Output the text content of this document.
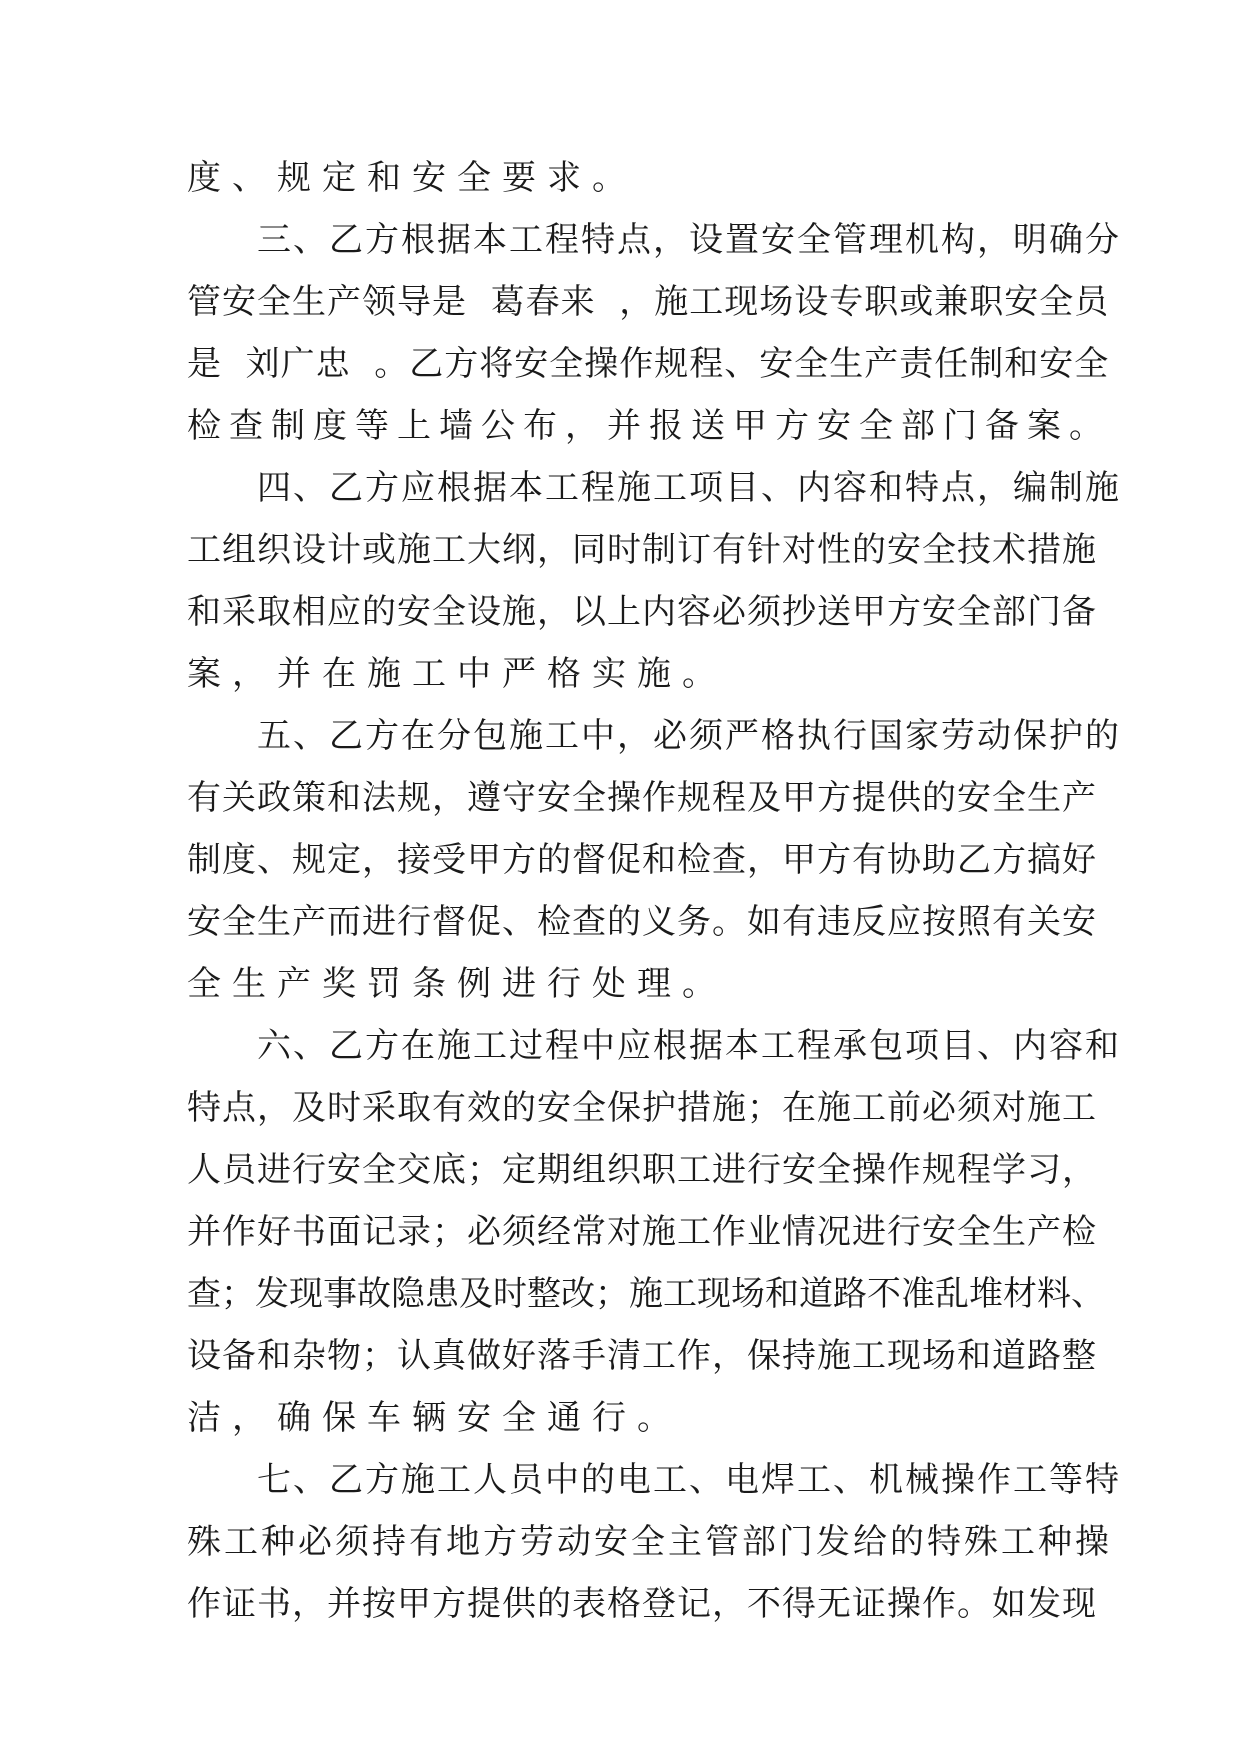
度、规定和安全要求。
三、乙方根据本工程特点，设置安全管理机构，明确分
管安全生产领导是  葛春来  ，施工现场设专职或兼职安全员
是  刘广忠  。乙方将安全操作规程、安全生产责任制和安全
检查制度等上墙公布，并报送甲方安全部门备案。
四、乙方应根据本工程施工项目、内容和特点，编制施
工组织设计或施工大纲，同时制订有针对性的安全技术措施
和采取相应的安全设施，以上内容必须抄送甲方安全部门备
案，并在施工中严格实施。
五、乙方在分包施工中，必须严格执行国家劳动保护的
有关政策和法规，遵守安全操作规程及甲方提供的安全生产
制度、规定，接受甲方的督促和检查，甲方有协助乙方搞好
安全生产而进行督促、检查的义务。如有违反应按照有关安
全生产奖罚条例进行处理。
六、乙方在施工过程中应根据本工程承包项目、内容和
特点，及时采取有效的安全保护措施；在施工前必须对施工
人员进行安全交底；定期组织职工进行安全操作规程学习，
并作好书面记录；必须经常对施工作业情况进行安全生产检
查；发现事故隐患及时整改；施工现场和道路不准乱堆材料、
设备和杂物；认真做好落手清工作，保持施工现场和道路整
洁，确保车辆安全通行。
七、乙方施工人员中的电工、电焊工、机械操作工等特
殊工种必须持有地方劳动安全主管部门发给的特殊工种操
作证书，并按甲方提供的表格登记，不得无证操作。如发现
